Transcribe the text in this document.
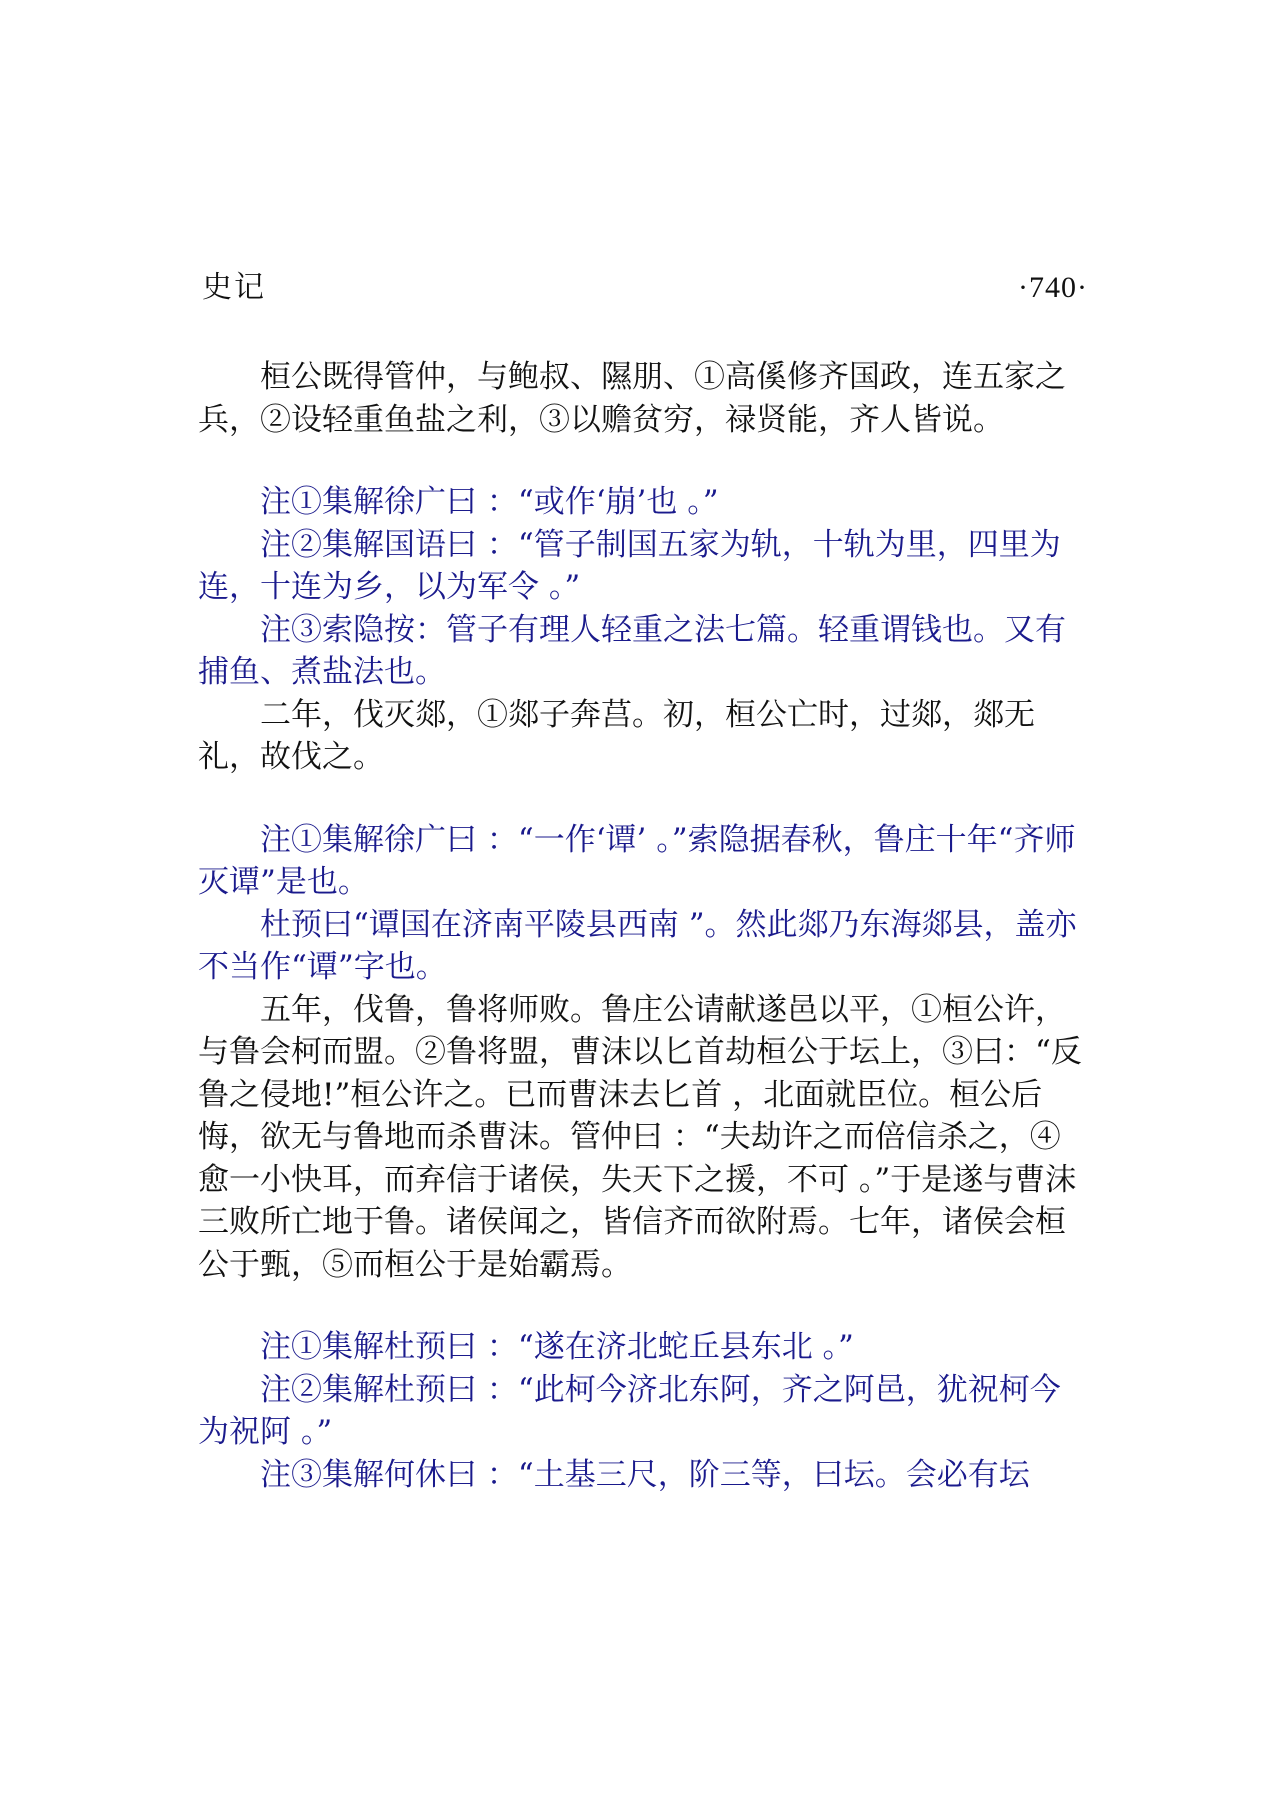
史记	·740·

桓公既得管仲，与鲍叔、隰朋、①高傒修齐国政，连五家之兵，②设轻重鱼盐之利，③以赡贫穷，禄贤能，齐人皆说。

注①集解徐广曰 ：“或作‘崩’也 。”

注②集解国语曰 ：“管子制国五家为轨，十轨为里，四里为连，十连为乡，以为军令 。”

注③索隐按：管子有理人轻重之法七篇。轻重谓钱也。又有捕鱼、煮盐法也。

二年，伐灭郯，①郯子奔莒。初，桓公亡时，过郯，郯无礼，故伐之。

注①集解徐广曰 ：“一作‘谭’ 。”索隐据春秋，鲁庄十年“齐师灭谭”是也。

杜预曰“谭国在济南平陵县西南 ”。然此郯乃东海郯县，盖亦不当作“谭”字也。

五年，伐鲁，鲁将师败。鲁庄公请献遂邑以平，①桓公许，与鲁会柯而盟。②鲁将盟，曹沫以匕首劫桓公于坛上，③曰：“反鲁之侵地!”桓公许之。已而曹沫去匕首 ，北面就臣位。桓公后悔，欲无与鲁地而杀曹沫。管仲曰 ：“夫劫许之而倍信杀之，④愈一小快耳，而弃信于诸侯，失天下之援，不可 。”于是遂与曹沫三败所亡地于鲁。诸侯闻之，皆信齐而欲附焉。七年，诸侯会桓公于甄，⑤而桓公于是始霸焉。

注①集解杜预曰 ：“遂在济北蛇丘县东北 。”

注②集解杜预曰 ：“此柯今济北东阿，齐之阿邑，犹祝柯今为祝阿 。”

注③集解何休曰 ：“土基三尺，阶三等，曰坛。会必有坛
